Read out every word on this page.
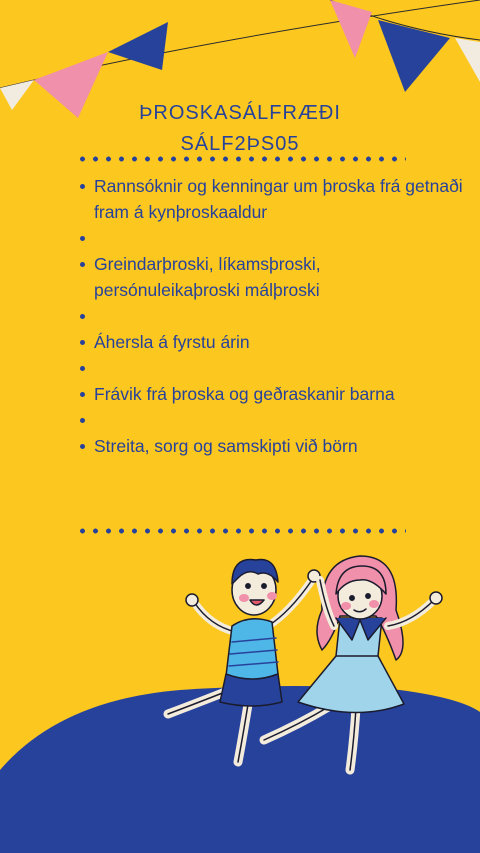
ÞROSKASÁLFRÆÐI
SÁLF2ÞS05
Rannsóknir og kenningar um þroska frá getnaði fram á kynþroskaaldur

Greindarþroski, líkamsþroski, persónuleikaþroski málþroski

Áhersla á fyrstu árin

Frávik frá þroska og geðraskanir barna

Streita, sorg og samskipti við börn
